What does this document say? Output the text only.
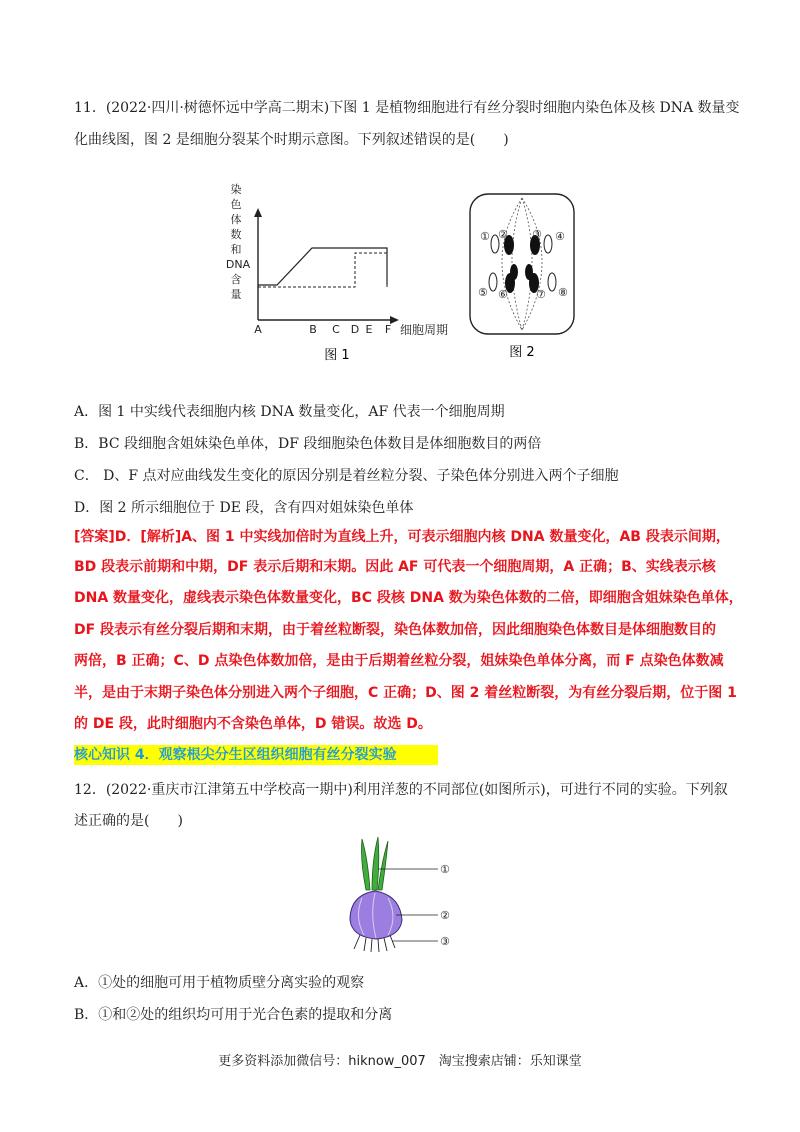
11．(2022·四川·树德怀远中学高二期末)下图 1 是植物细胞进行有丝分裂时细胞内染色体及核 DNA 数量变
化曲线图，图 2 是细胞分裂某个时期示意图。下列叙述错误的是(　　)
染
色
体
数
和
DNA
含
量
A	B C D E F 细胞周期
图 1
① ② ③ ④
⑤ ⑥	⑦ ⑧
图 2
A．图 1 中实线代表细胞内核 DNA 数量变化，AF 代表一个细胞周期
B．BC 段细胞含姐妹染色单体，DF 段细胞染色体数目是体细胞数目的两倍
C． D、F 点对应曲线发生变化的原因分别是着丝粒分裂、子染色体分别进入两个子细胞
D．图 2 所示细胞位于 DE 段，含有四对姐妹染色单体
[答案]D．[解析]A、图 1 中实线加倍时为直线上升，可表示细胞内核 DNA 数量变化，AB 段表示间期，
BD 段表示前期和中期，DF 表示后期和末期。因此 AF 可代表一个细胞周期，A 正确；B、实线表示核
DNA 数量变化，虚线表示染色体数量变化，BC 段核 DNA 数为染色体数的二倍，即细胞含姐妹染色单体，
DF 段表示有丝分裂后期和末期，由于着丝粒断裂，染色体数加倍，因此细胞染色体数目是体细胞数目的
两倍，B 正确；C、D 点染色体数加倍，是由于后期着丝粒分裂，姐妹染色单体分离，而 F 点染色体数减
半，是由于末期子染色体分别进入两个子细胞，C 正确；D、图 2 着丝粒断裂，为有丝分裂后期，位于图 1
的 DE 段，此时细胞内不含染色单体，D 错误。故选 D。
核心知识 4．观察根尖分生区组织细胞有丝分裂实验
12．(2022·重庆市江津第五中学校高一期中)利用洋葱的不同部位(如图所示)，可进行不同的实验。下列叙
述正确的是(　　)
①
②
③
A．①处的细胞可用于植物质壁分离实验的观察
B．①和②处的组织均可用于光合色素的提取和分离
更多资料添加微信号：hiknow_007　淘宝搜索店铺：乐知课堂
